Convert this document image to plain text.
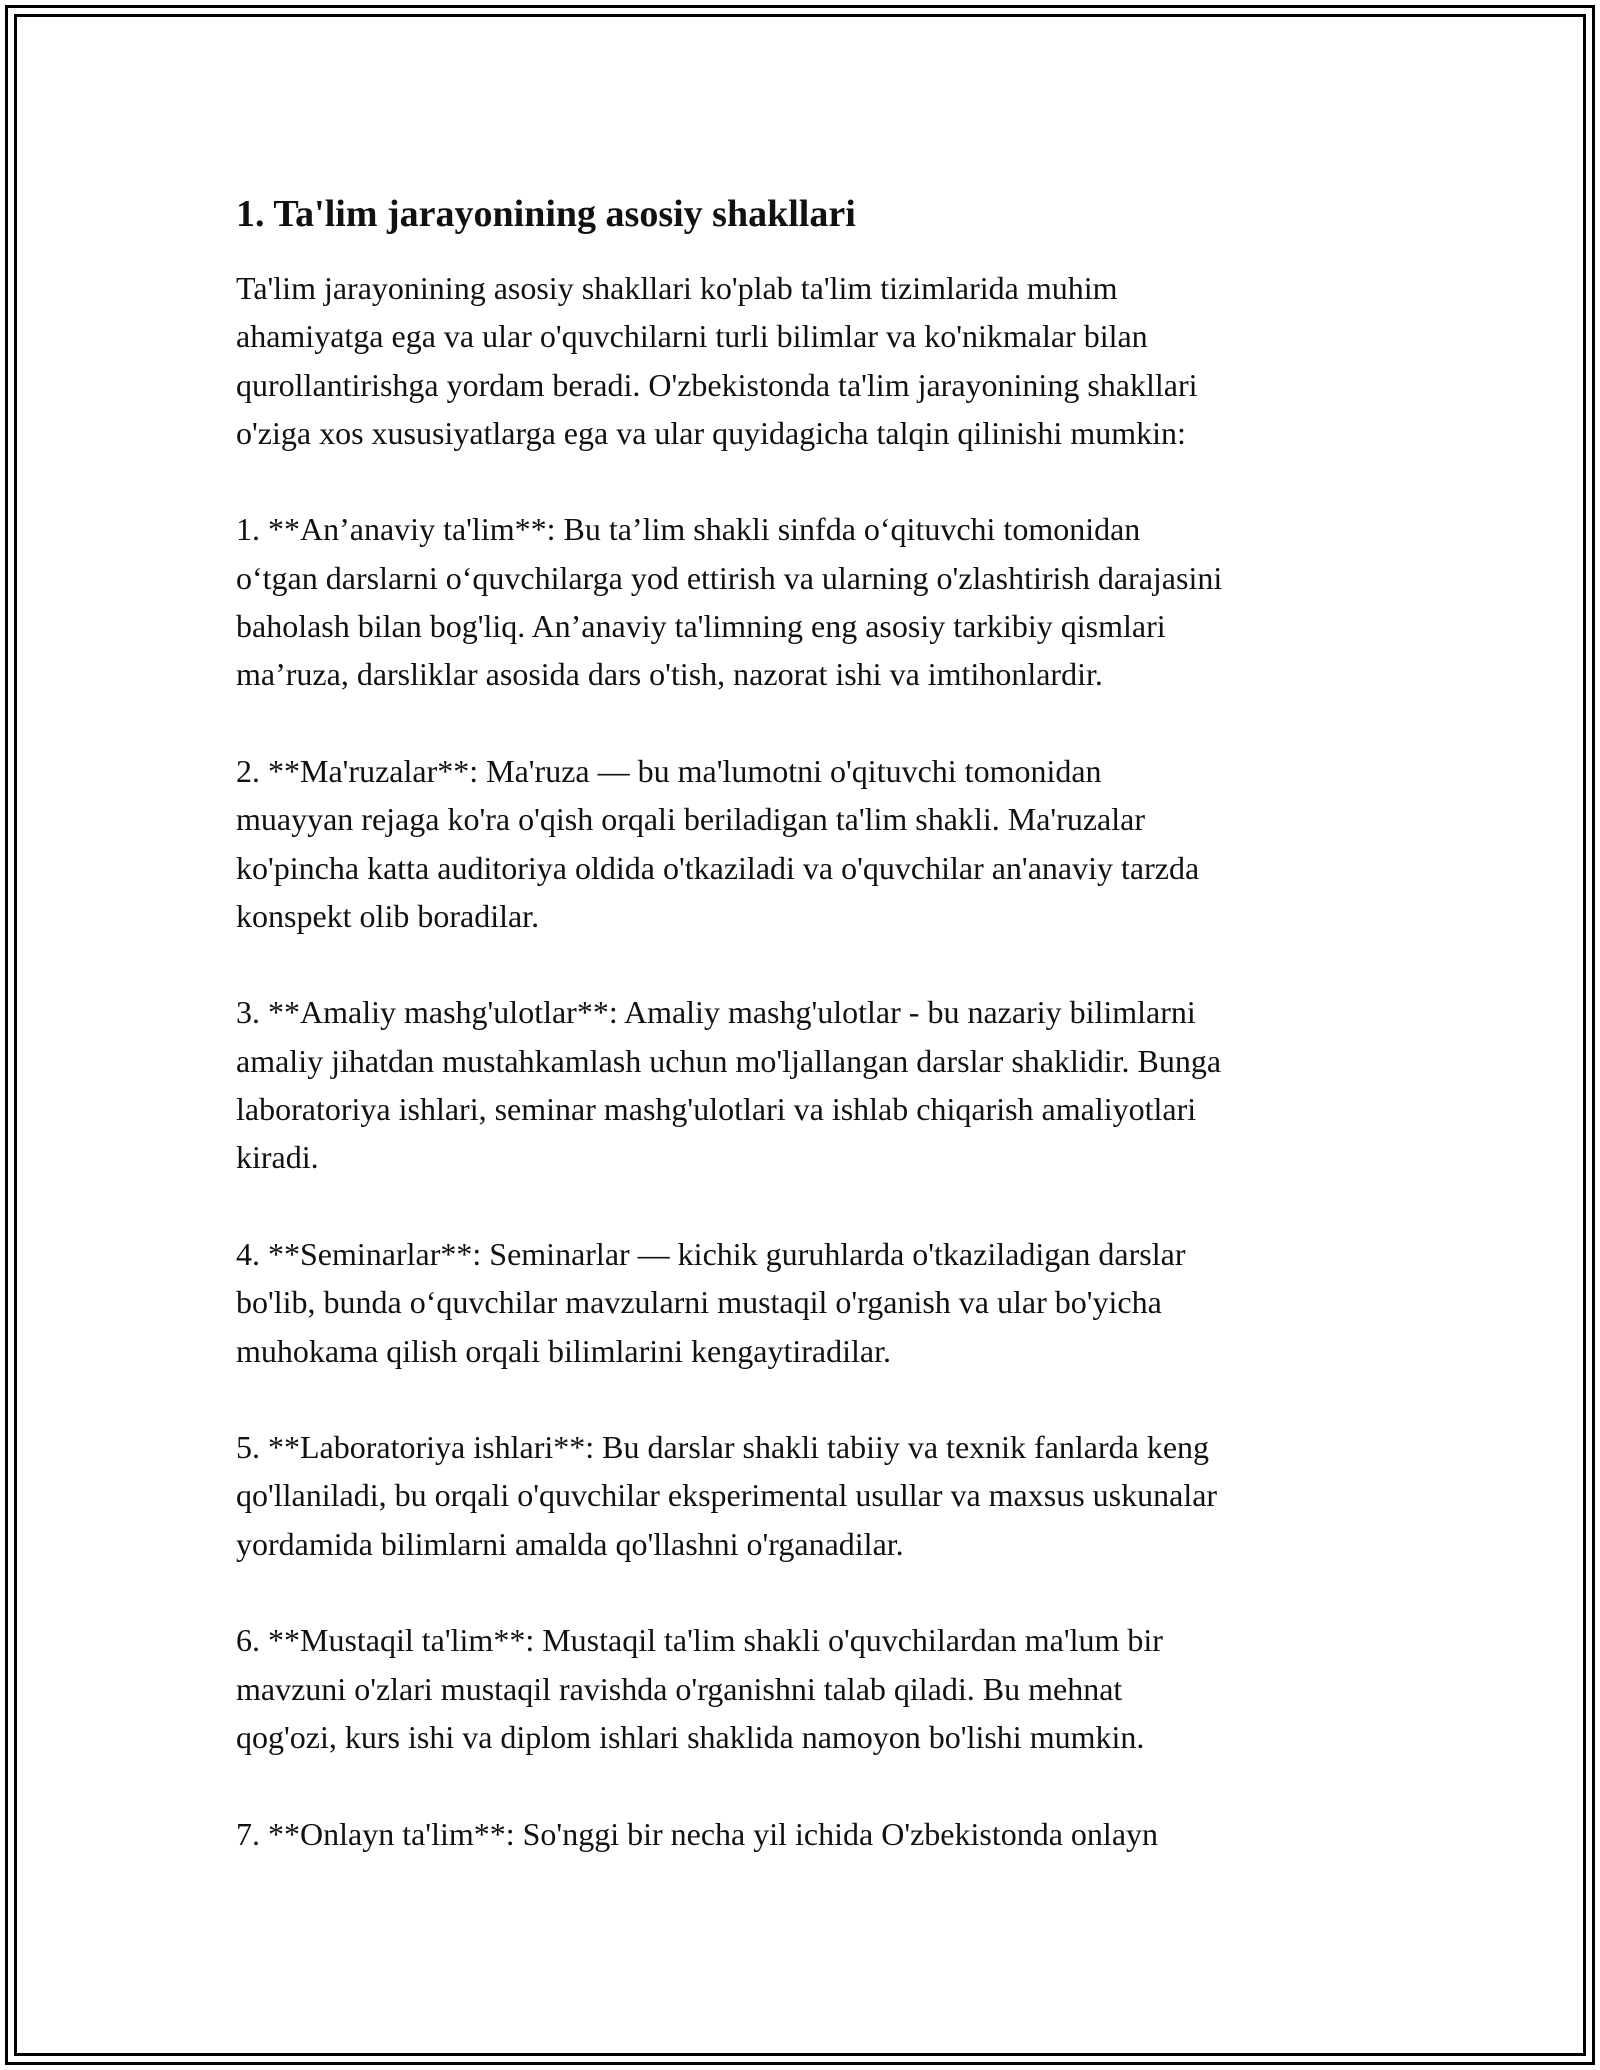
1. Ta'lim jarayonining asosiy shakllari

Ta'lim jarayonining asosiy shakllari ko'plab ta'lim tizimlarida muhim
ahamiyatga ega va ular o'quvchilarni turli bilimlar va ko'nikmalar bilan
qurollantirishga yordam beradi. O'zbekistonda ta'lim jarayonining shakllari
o'ziga xos xususiyatlarga ega va ular quyidagicha talqin qilinishi mumkin:

1. **An’anaviy ta'lim**: Bu ta’lim shakli sinfda o‘qituvchi tomonidan
o‘tgan darslarni o‘quvchilarga yod ettirish va ularning o'zlashtirish darajasini
baholash bilan bog'liq. An’anaviy ta'limning eng asosiy tarkibiy qismlari
ma’ruza, darsliklar asosida dars o'tish, nazorat ishi va imtihonlardir.

2. **Ma'ruzalar**: Ma'ruza — bu ma'lumotni o'qituvchi tomonidan
muayyan rejaga ko'ra o'qish orqali beriladigan ta'lim shakli. Ma'ruzalar
ko'pincha katta auditoriya oldida o'tkaziladi va o'quvchilar an'anaviy tarzda
konspekt olib boradilar.

3. **Amaliy mashg'ulotlar**: Amaliy mashg'ulotlar - bu nazariy bilimlarni
amaliy jihatdan mustahkamlash uchun mo'ljallangan darslar shaklidir. Bunga
laboratoriya ishlari, seminar mashg'ulotlari va ishlab chiqarish amaliyotlari
kiradi.

4. **Seminarlar**: Seminarlar — kichik guruhlarda o'tkaziladigan darslar
bo'lib, bunda o‘quvchilar mavzularni mustaqil o'rganish va ular bo'yicha
muhokama qilish orqali bilimlarini kengaytiradilar.

5. **Laboratoriya ishlari**: Bu darslar shakli tabiiy va texnik fanlarda keng
qo'llaniladi, bu orqali o'quvchilar eksperimental usullar va maxsus uskunalar
yordamida bilimlarni amalda qo'llashni o'rganadilar.

6. **Mustaqil ta'lim**: Mustaqil ta'lim shakli o'quvchilardan ma'lum bir
mavzuni o'zlari mustaqil ravishda o'rganishni talab qiladi. Bu mehnat
qog'ozi, kurs ishi va diplom ishlari shaklida namoyon bo'lishi mumkin.

7. **Onlayn ta'lim**: So'nggi bir necha yil ichida O'zbekistonda onlayn
